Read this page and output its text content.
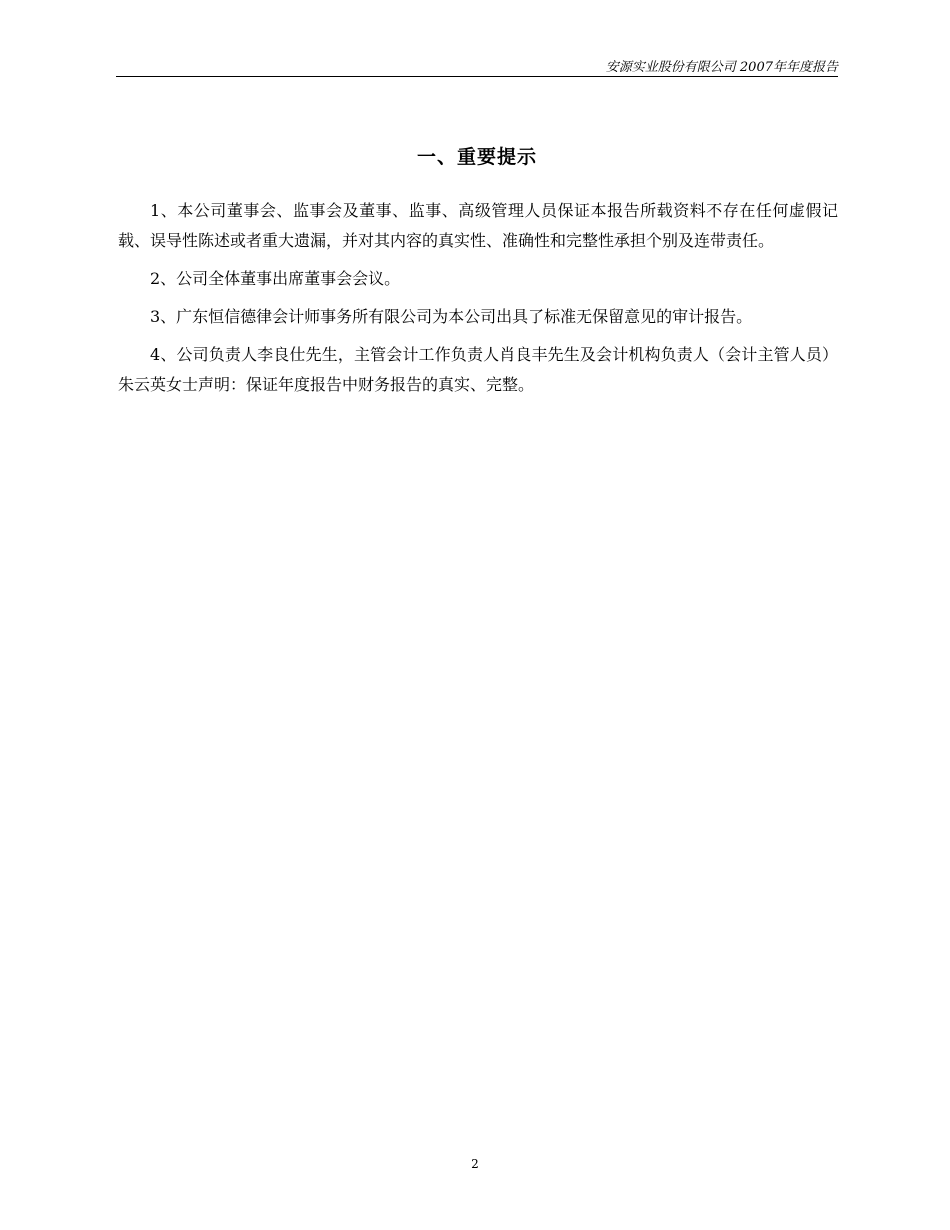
安源实业股份有限公司 2007年年度报告
一、重要提示

1、本公司董事会、监事会及董事、监事、高级管理人员保证本报告所载资料不存在任何虚假记载、误导性陈述或者重大遗漏，并对其内容的真实性、准确性和完整性承担个别及连带责任。

2、公司全体董事出席董事会会议。

3、广东恒信德律会计师事务所有限公司为本公司出具了标准无保留意见的审计报告。

4、公司负责人李良仕先生，主管会计工作负责人肖良丰先生及会计机构负责人（会计主管人员）朱云英女士声明：保证年度报告中财务报告的真实、完整。

2
